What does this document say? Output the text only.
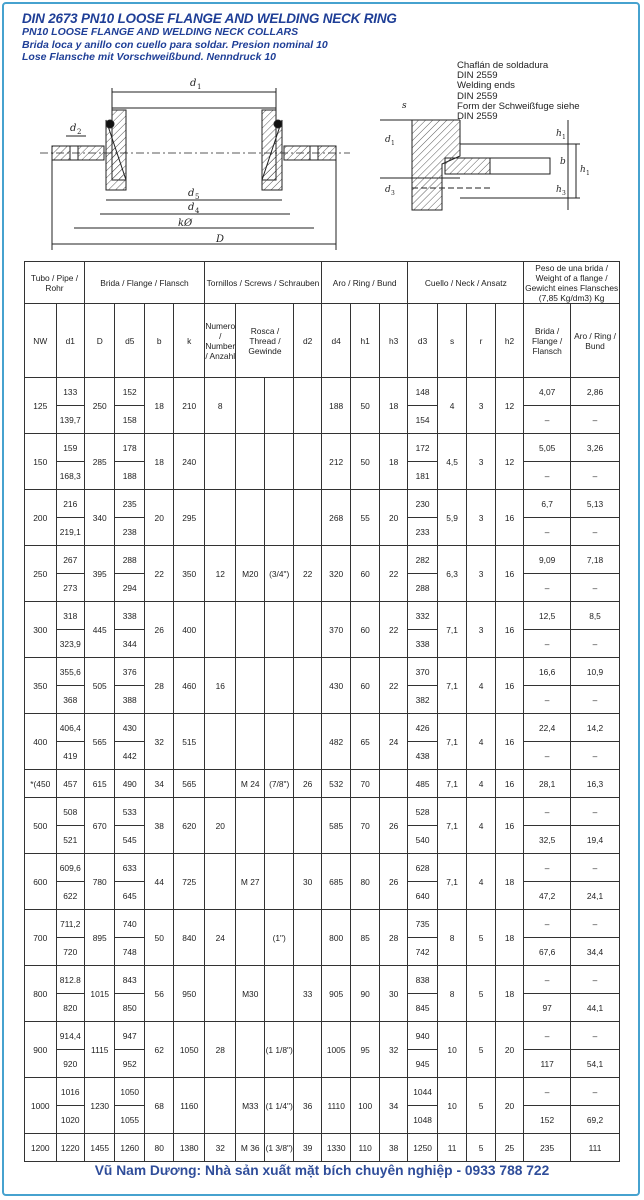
DIN 2673 PN10 LOOSE FLANGE AND WELDING NECK RING
PN10 LOOSE FLANGE AND WELDING NECK COLLARS
Brida loca y anillo con cuello para soldar. Presion nominal 10
Lose Flansche mit Vorschweißbund. Nenndruck 10
d 1
d 2
d 5
d 4
kØ
D
s
d 1
d 3
h 1
h 1
h 3
b
Chaflán de soldadura
DIN 2559
Welding ends
DIN 2559
Form der Schweißfuge siehe
DIN 2559
Tubo / Pipe / Rohr		Brida / Flange / Flansch				Tornillos / Screws / Schrauben				Aro / Ring / Bund			Cuello / Neck / Ansatz				Peso de una brida / Weight of a flange / Gewicht eines Flansches (7,85 Kg/dm3) Kg	
NW	d1	D	d5	b	k	Numero / Number / Anzahl	Rosca / Thread / Gewinde		d2	d4	h1	h3	d3	s	r	h2	Brida / Flange / Flansch	Aro / Ring / Bund
125	133	250	152	18	210	8				188	50	18	148	4	3	12	4,07	2,86
	139,7		158										154				–	–
150	159	285	178	18	240					212	50	18	172	4,5	3	12	5,05	3,26
	168,3		188										181				–	–
200	216	340	235	20	295					268	55	20	230	5,9	3	16	6,7	5,13
	219,1		238										233				–	–
250	267	395	288	22	350	12	M20	(3/4")	22	320	60	22	282	6,3	3	16	9,09	7,18
	273		294										288				–	–
300	318	445	338	26	400					370	60	22	332	7,1	3	16	12,5	8,5
	323,9		344										338				–	–
350	355,6	505	376	28	460	16				430	60	22	370	7,1	4	16	16,6	10,9
	368		388										382				–	–
400	406,4	565	430	32	515					482	65	24	426	7,1	4	16	22,4	14,2
	419		442										438				–	–
*(450	457	615	490	34	565		M 24	(7/8")	26	532	70		485	7,1	4	16	28,1	16,3
500	508	670	533	38	620	20				585	70	26	528	7,1	4	16	–	–
	521		545										540				32,5	19,4
600	609,6	780	633	44	725		M 27		30	685	80	26	628	7,1	4	18	–	–
	622		645										640				47,2	24,1
700	711,2	895	740	50	840	24		(1")		800	85	28	735	8	5	18	–	–
	720		748										742				67,6	34,4
800	812.8	1015	843	56	950		M30		33	905	90	30	838	8	5	18	–	–
	820		850										845				97	44,1
900	914,4	1115	947	62	1050	28		(1 1/8")		1005	95	32	940	10	5	20	–	–
	920		952										945				117	54,1
1000	1016	1230	1050	68	1160		M33	(1 1/4")	36	1110	100	34	1044	10	5	20	–	–
	1020		1055										1048				152	69,2
1200	1220	1455	1260	80	1380	32	M 36	(1 3/8")	39	1330	110	38	1250	11	5	25	235	111
Vũ Nam Dương: Nhà sản xuất mặt bích chuyên nghiệp - 0933 788 722
